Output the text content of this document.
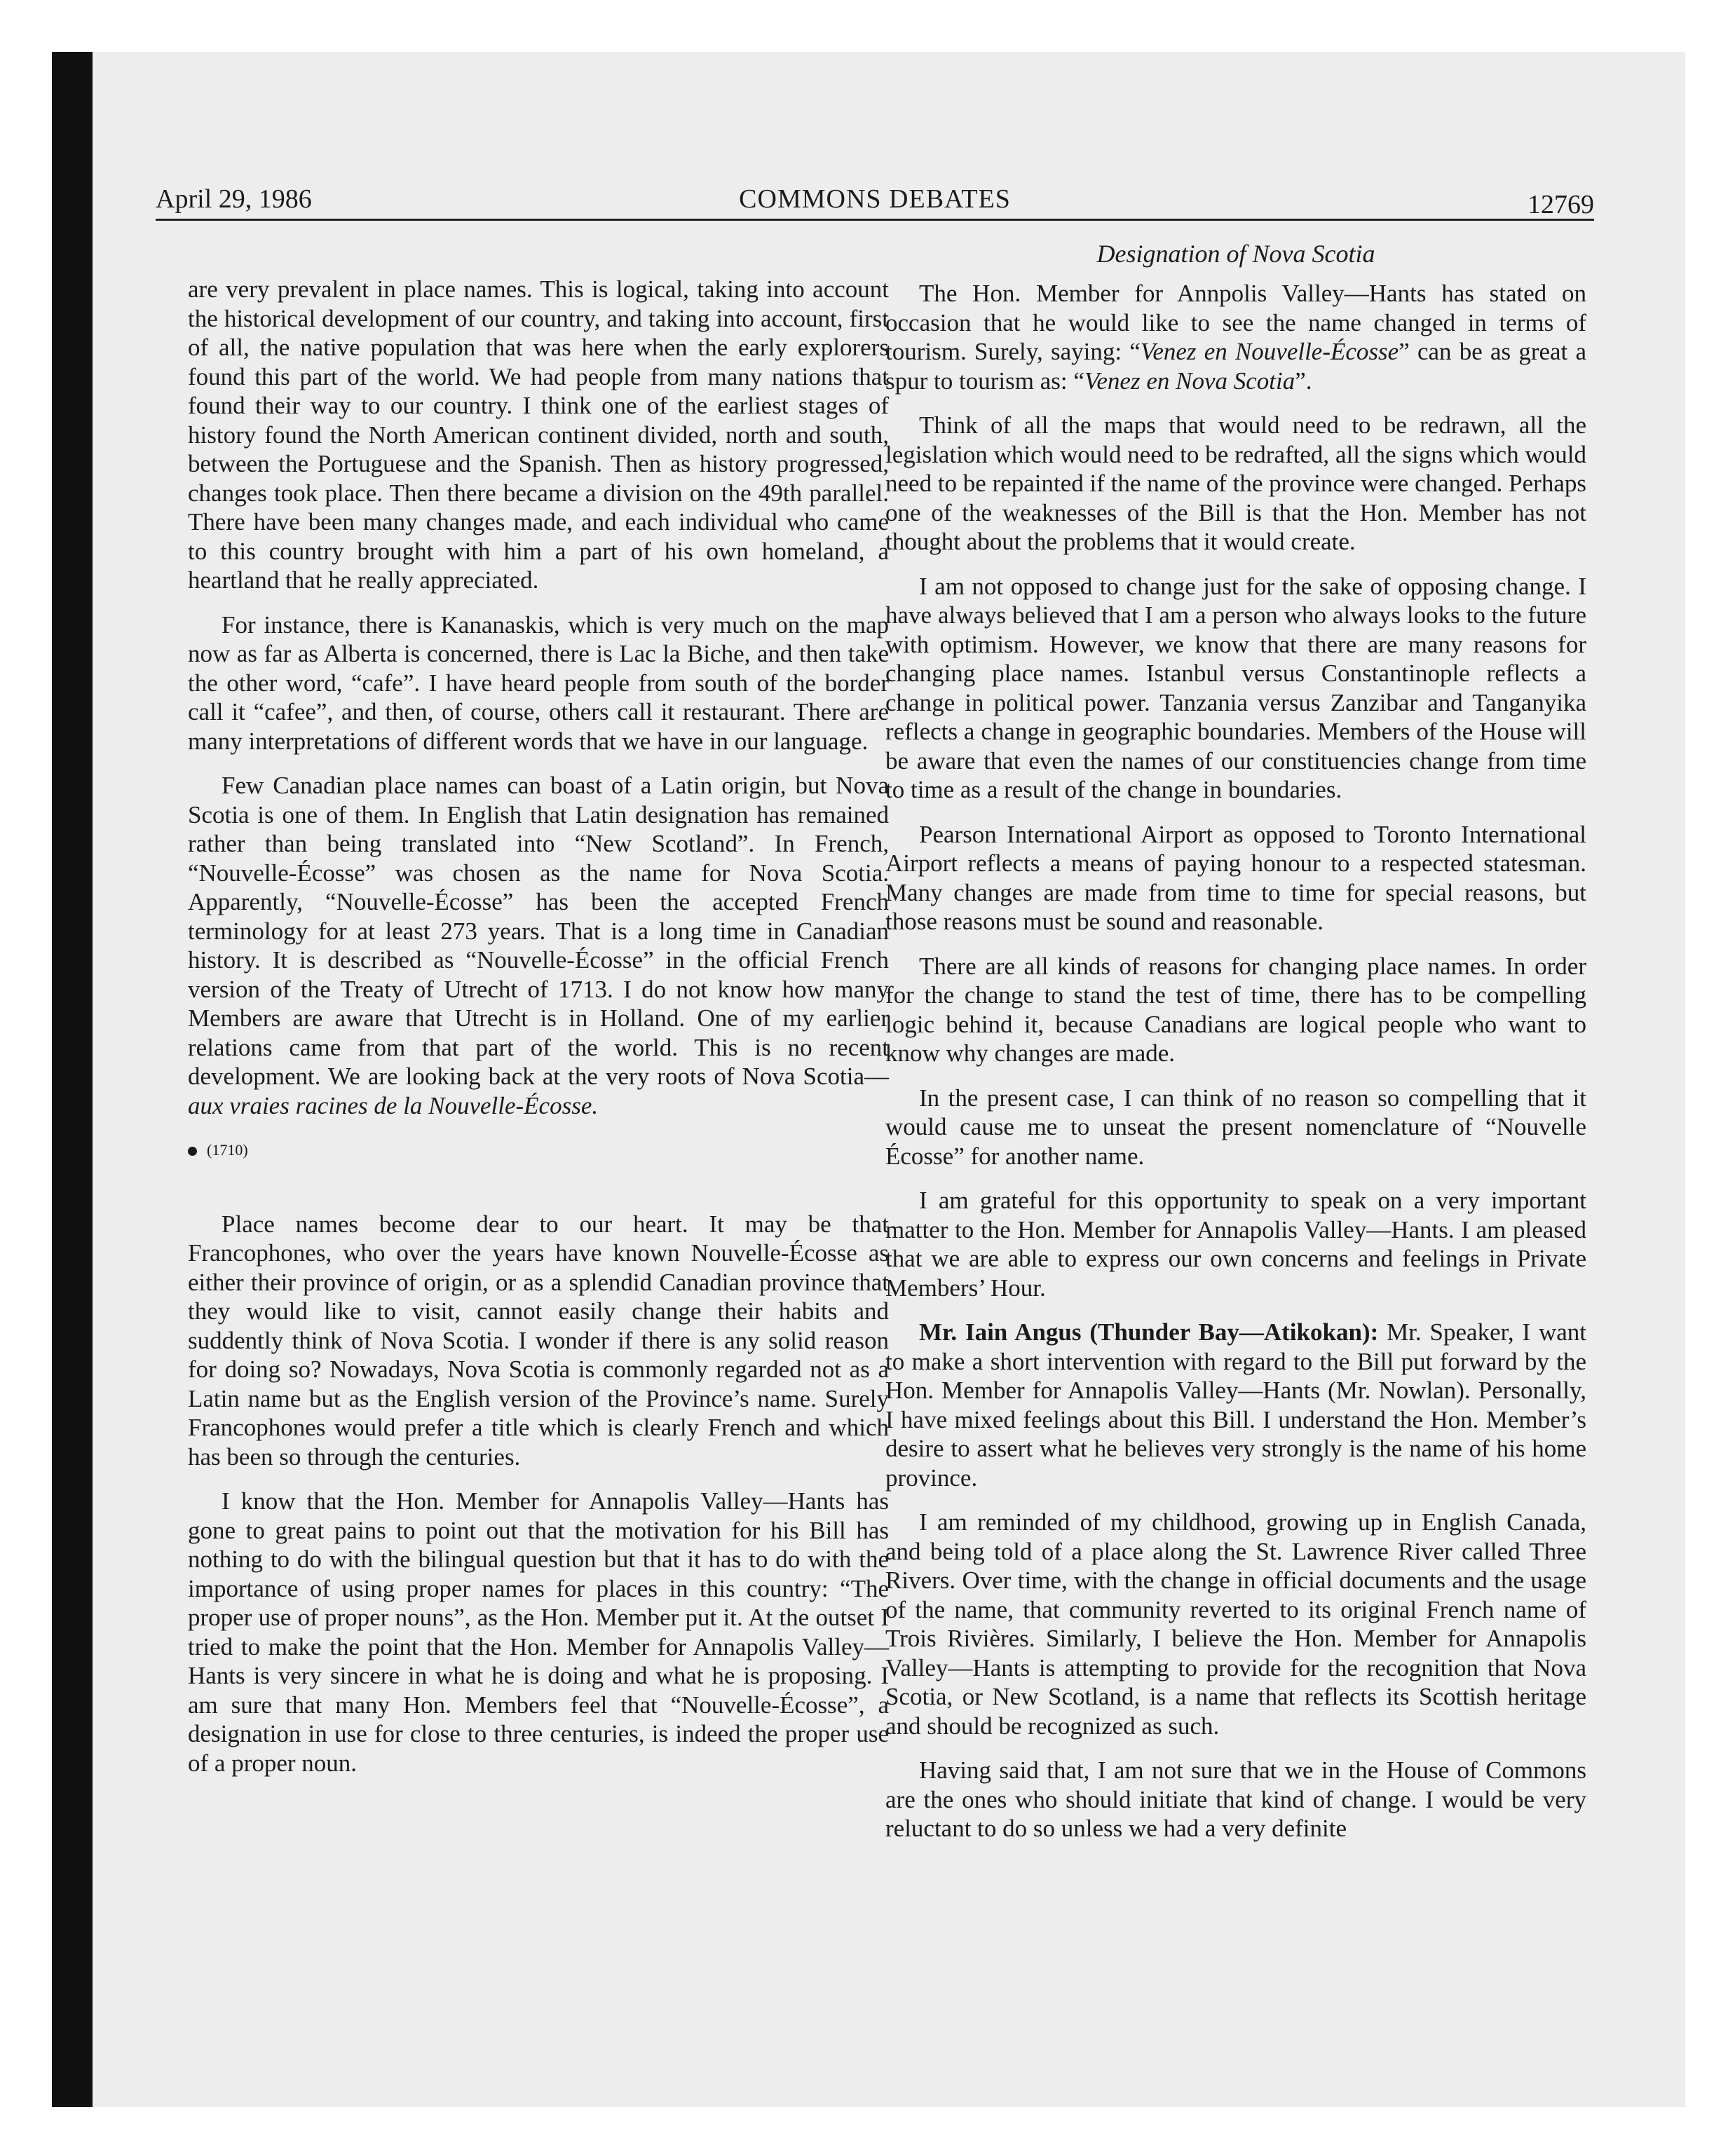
April 29, 1986	COMMONS DEBATES	12769

are very prevalent in place names. This is logical, taking into account the historical development of our country, and taking into account, first of all, the native population that was here when the early explorers found this part of the world. We had people from many nations that found their way to our country. I think one of the earliest stages of history found the North American continent divided, north and south, between the Portuguese and the Spanish. Then as history progressed, changes took place. Then there became a division on the 49th parallel. There have been many changes made, and each individual who came to this country brought with him a part of his own homeland, a heartland that he really appreciated.

For instance, there is Kananaskis, which is very much on the map now as far as Alberta is concerned, there is Lac la Biche, and then take the other word, “cafe”. I have heard people from south of the border call it “cafee”, and then, of course, others call it restaurant. There are many interpretations of different words that we have in our language.

Few Canadian place names can boast of a Latin origin, but Nova Scotia is one of them. In English that Latin designation has remained rather than being translated into “New Scotland”. In French, “Nouvelle-Écosse” was chosen as the name for Nova Scotia. Apparently, “Nouvelle-Écosse” has been the accepted French terminology for at least 273 years. That is a long time in Canadian history. It is described as “Nouvelle-Écosse” in the official French version of the Treaty of Utrecht of 1713. I do not know how many Members are aware that Utrecht is in Holland. One of my earlier relations came from that part of the world. This is no recent development. We are looking back at the very roots of Nova Scotia—aux vraies racines de la Nouvelle-Écosse.

(1710)

Place names become dear to our heart. It may be that Francophones, who over the years have known Nouvelle-Écosse as either their province of origin, or as a splendid Canadian province that they would like to visit, cannot easily change their habits and suddently think of Nova Scotia. I wonder if there is any solid reason for doing so? Nowadays, Nova Scotia is commonly regarded not as a Latin name but as the English version of the Province’s name. Surely Francophones would prefer a title which is clearly French and which has been so through the centuries.

I know that the Hon. Member for Annapolis Valley—Hants has gone to great pains to point out that the motivation for his Bill has nothing to do with the bilingual question but that it has to do with the importance of using proper names for places in this country: “The proper use of proper nouns”, as the Hon. Member put it. At the outset I tried to make the point that the Hon. Member for Annapolis Valley—Hants is very sincere in what he is doing and what he is proposing. I am sure that many Hon. Members feel that “Nouvelle-Écosse”, a designation in use for close to three centuries, is indeed the proper use of a proper noun.

Designation of Nova Scotia

The Hon. Member for Annpolis Valley—Hants has stated on occasion that he would like to see the name changed in terms of tourism. Surely, saying: “Venez en Nouvelle-Écosse” can be as great a spur to tourism as: “Venez en Nova Scotia”.

Think of all the maps that would need to be redrawn, all the legislation which would need to be redrafted, all the signs which would need to be repainted if the name of the province were changed. Perhaps one of the weaknesses of the Bill is that the Hon. Member has not thought about the problems that it would create.

I am not opposed to change just for the sake of opposing change. I have always believed that I am a person who always looks to the future with optimism. However, we know that there are many reasons for changing place names. Istanbul versus Constantinople reflects a change in political power. Tanzania versus Zanzibar and Tanganyika reflects a change in geographic boundaries. Members of the House will be aware that even the names of our constituencies change from time to time as a result of the change in boundaries.

Pearson International Airport as opposed to Toronto International Airport reflects a means of paying honour to a respected statesman. Many changes are made from time to time for special reasons, but those reasons must be sound and reasonable.

There are all kinds of reasons for changing place names. In order for the change to stand the test of time, there has to be compelling logic behind it, because Canadians are logical people who want to know why changes are made.

In the present case, I can think of no reason so compelling that it would cause me to unseat the present nomenclature of “Nouvelle Écosse” for another name.

I am grateful for this opportunity to speak on a very important matter to the Hon. Member for Annapolis Valley—Hants. I am pleased that we are able to express our own concerns and feelings in Private Members’ Hour.

Mr. Iain Angus (Thunder Bay—Atikokan): Mr. Speaker, I want to make a short intervention with regard to the Bill put forward by the Hon. Member for Annapolis Valley—Hants (Mr. Nowlan). Personally, I have mixed feelings about this Bill. I understand the Hon. Member’s desire to assert what he believes very strongly is the name of his home province.

I am reminded of my childhood, growing up in English Canada, and being told of a place along the St. Lawrence River called Three Rivers. Over time, with the change in official documents and the usage of the name, that community reverted to its original French name of Trois Rivières. Similarly, I believe the Hon. Member for Annapolis Valley—Hants is attempting to provide for the recognition that Nova Scotia, or New Scotland, is a name that reflects its Scottish heritage and should be recognized as such.

Having said that, I am not sure that we in the House of Commons are the ones who should initiate that kind of change. I would be very reluctant to do so unless we had a very definite
